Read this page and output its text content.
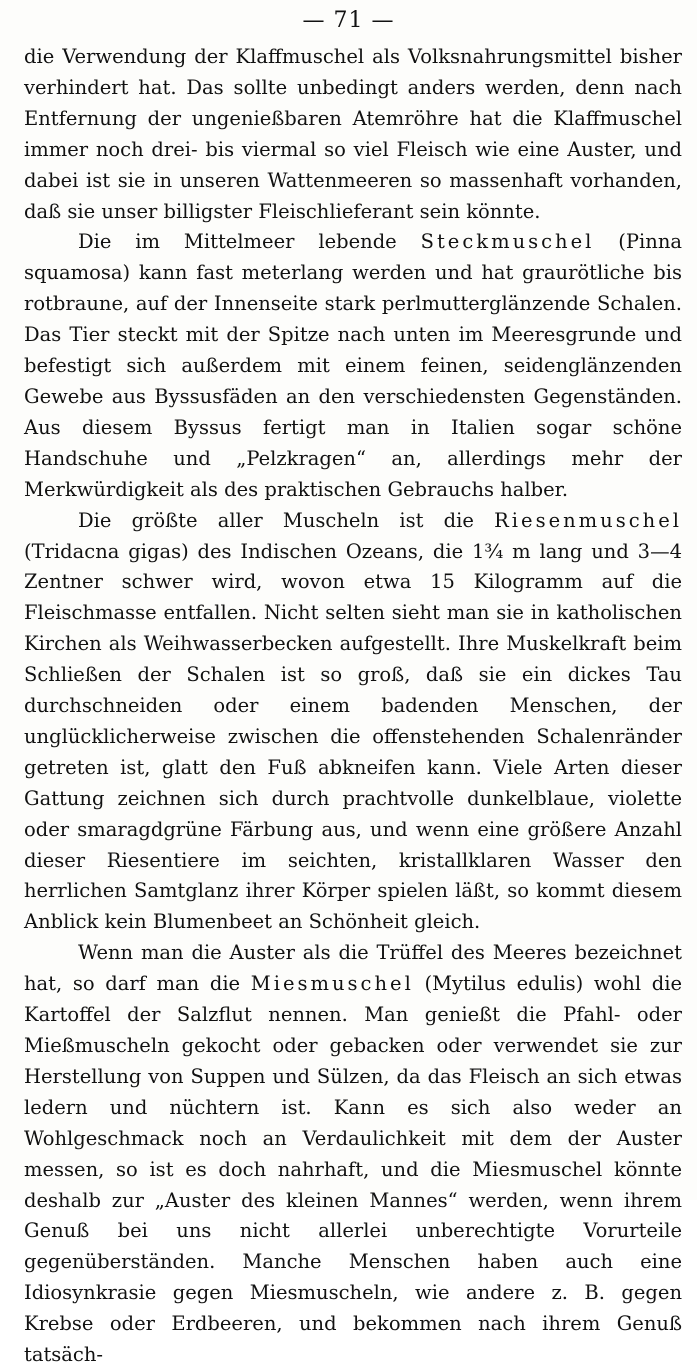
— 71 —

die Verwendung der Klaffmuschel als Volksnahrungsmittel bisher verhindert hat. Das sollte unbedingt anders werden, denn nach Entfernung der ungenießbaren Atemröhre hat die Klaffmuschel immer noch drei- bis viermal so viel Fleisch wie eine Auster, und dabei ist sie in unseren Wattenmeeren so massenhaft vorhanden, daß sie unser billigster Fleischlieferant sein könnte.

Die im Mittelmeer lebende Steckmuschel (Pinna squamosa) kann fast meterlang werden und hat graurötliche bis rotbraune, auf der Innenseite stark perlmutterglänzende Schalen. Das Tier steckt mit der Spitze nach unten im Meeresgrunde und befestigt sich außerdem mit einem feinen, seidenglänzenden Gewebe aus Byssusfäden an den verschiedensten Gegenständen. Aus diesem Byssus fertigt man in Italien sogar schöne Handschuhe und „Pelzkragen“ an, allerdings mehr der Merkwürdigkeit als des praktischen Gebrauchs halber.

Die größte aller Muscheln ist die Riesenmuschel (Tridacna gigas) des Indischen Ozeans, die 1¾ m lang und 3—4 Zentner schwer wird, wovon etwa 15 Kilogramm auf die Fleischmasse entfallen. Nicht selten sieht man sie in katholischen Kirchen als Weihwasserbecken aufgestellt. Ihre Muskelkraft beim Schließen der Schalen ist so groß, daß sie ein dickes Tau durchschneiden oder einem badenden Menschen, der unglücklicherweise zwischen die offenstehenden Schalenränder getreten ist, glatt den Fuß abkneifen kann. Viele Arten dieser Gattung zeichnen sich durch prachtvolle dunkelblaue, violette oder smaragdgrüne Färbung aus, und wenn eine größere Anzahl dieser Riesentiere im seichten, kristallklaren Wasser den herrlichen Samtglanz ihrer Körper spielen läßt, so kommt diesem Anblick kein Blumenbeet an Schönheit gleich.

Wenn man die Auster als die Trüffel des Meeres bezeichnet hat, so darf man die Miesmuschel (Mytilus edulis) wohl die Kartoffel der Salzflut nennen. Man genießt die Pfahl- oder Mießmuscheln gekocht oder gebacken oder verwendet sie zur Herstellung von Suppen und Sülzen, da das Fleisch an sich etwas ledern und nüchtern ist. Kann es sich also weder an Wohlgeschmack noch an Verdaulichkeit mit dem der Auster messen, so ist es doch nahrhaft, und die Miesmuschel könnte deshalb zur „Auster des kleinen Mannes“ werden, wenn ihrem Genuß bei uns nicht allerlei unberechtigte Vorurteile gegenüberständen. Manche Menschen haben auch eine Idiosynkrasie gegen Miesmuscheln, wie andere z. B. gegen Krebse oder Erdbeeren, und bekommen nach ihrem Genuß tatsäch-
